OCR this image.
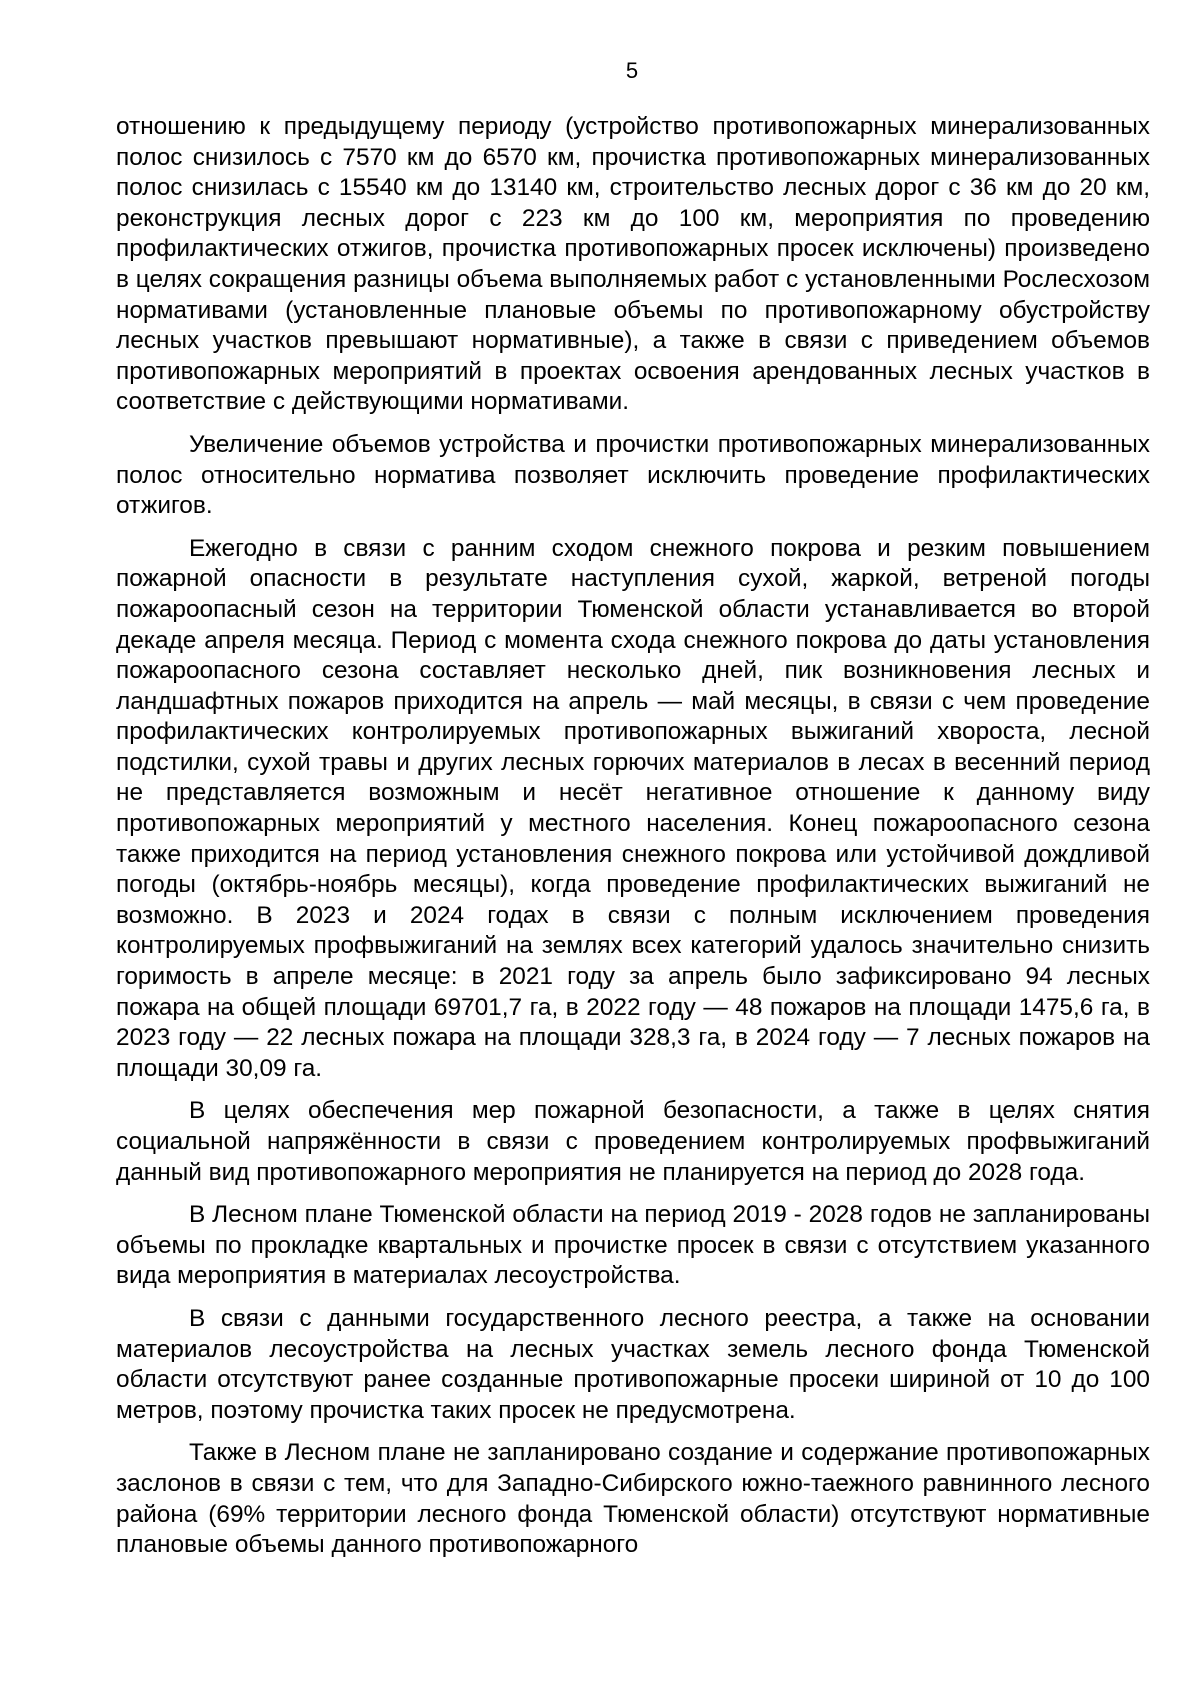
5

отношению к предыдущему периоду (устройство противопожарных минерализованных полос снизилось с 7570 км до 6570 км, прочистка противопожарных минерализованных полос снизилась с 15540 км до 13140 км, строительство лесных дорог с 36 км до 20 км, реконструкция лесных дорог с 223 км до 100 км, мероприятия по проведению профилактических отжигов, прочистка противопожарных просек исключены) произведено в целях сокращения разницы объема выполняемых работ с установленными Рослесхозом нормативами (установленные плановые объемы по противопожарному обустройству лесных участков превышают нормативные), а также в связи с приведением объемов противопожарных мероприятий в проектах освоения арендованных лесных участков в соответствие с действующими нормативами.

Увеличение объемов устройства и прочистки противопожарных минерализованных полос относительно норматива позволяет исключить проведение профилактических отжигов.

Ежегодно в связи с ранним сходом снежного покрова и резким повышением пожарной опасности в результате наступления сухой, жаркой, ветреной погоды пожароопасный сезон на территории Тюменской области устанавливается во второй декаде апреля месяца. Период с момента схода снежного покрова до даты установления пожароопасного сезона составляет несколько дней, пик возникновения лесных и ландшафтных пожаров приходится на апрель — май месяцы, в связи с чем проведение профилактических контролируемых противопожарных выжиганий хвороста, лесной подстилки, сухой травы и других лесных горючих материалов в лесах в весенний период не представляется возможным и несёт негативное отношение к данному виду противопожарных мероприятий у местного населения. Конец пожароопасного сезона также приходится на период установления снежного покрова или устойчивой дождливой погоды (октябрь-ноябрь месяцы), когда проведение профилактических выжиганий не возможно. В 2023 и 2024 годах в связи с полным исключением проведения контролируемых профвыжиганий на землях всех категорий удалось значительно снизить горимость в апреле месяце: в 2021 году за апрель было зафиксировано 94 лесных пожара на общей площади 69701,7 га, в 2022 году — 48 пожаров на площади 1475,6 га, в 2023 году — 22 лесных пожара на площади 328,3 га, в 2024 году — 7 лесных пожаров на площади 30,09 га.

В целях обеспечения мер пожарной безопасности, а также в целях снятия социальной напряжённости в связи с проведением контролируемых профвыжиганий данный вид противопожарного мероприятия не планируется на период до 2028 года.

В Лесном плане Тюменской области на период 2019 - 2028 годов не запланированы объемы по прокладке квартальных и прочистке просек в связи с отсутствием указанного вида мероприятия в материалах лесоустройства.

В связи с данными государственного лесного реестра, а также на основании материалов лесоустройства на лесных участках земель лесного фонда Тюменской области отсутствуют ранее созданные противопожарные просеки шириной от 10 до 100 метров, поэтому прочистка таких просек не предусмотрена.

Также в Лесном плане не запланировано создание и содержание противопожарных заслонов в связи с тем, что для Западно-Сибирского южно-таежного равнинного лесного района (69% территории лесного фонда Тюменской области) отсутствуют нормативные плановые объемы данного противопожарного
